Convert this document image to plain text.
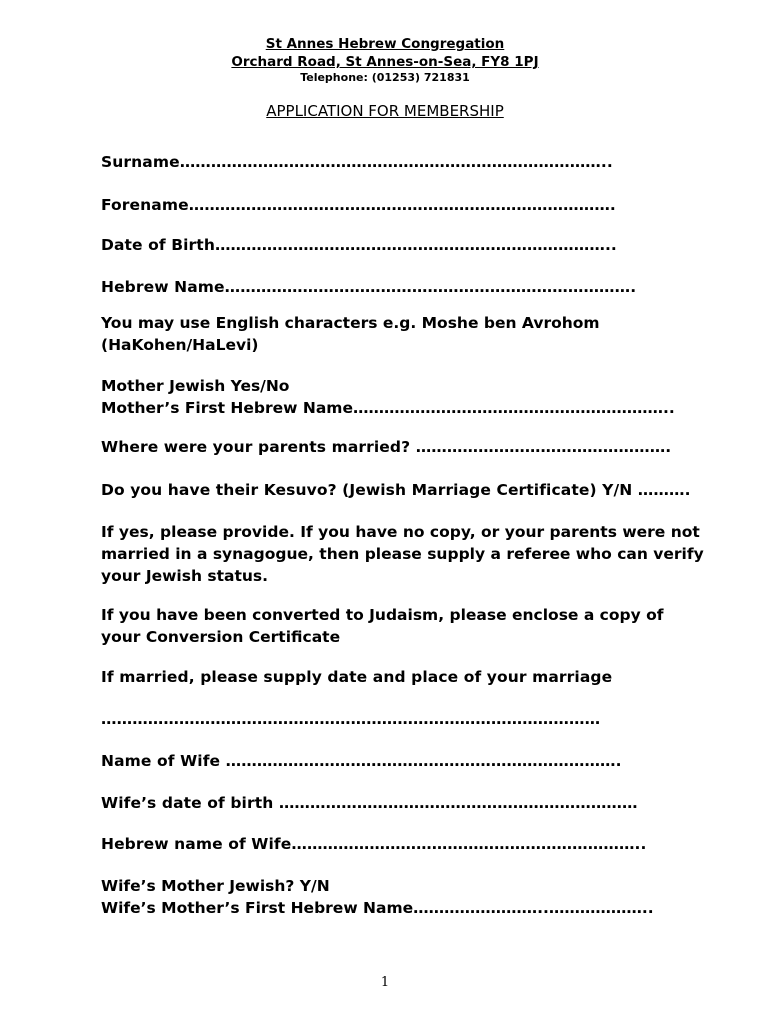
St Annes Hebrew Congregation

Orchard Road, St Annes-on-Sea, FY8 1PJ

Telephone: (01253) 721831

APPLICATION FOR MEMBERSHIP

Surname………………………………………………………………………..

Forename……………………………………………………………………….

Date of Birth…………………………………………………………………..

Hebrew Name…………………………………………………………………….

You may use English characters e.g. Moshe ben Avrohom
(HaKohen/HaLevi)
Mother Jewish Yes/No
Mother’s First Hebrew Name……………………………………………………..

Where were your parents married? ………………………………………….

Do you have their Kesuvo? (Jewish Marriage Certificate) Y/N ……….

If yes, please provide. If you have no copy, or your parents were not
married in a synagogue, then please supply a referee who can verify
your Jewish status.
If you have been converted to Judaism, please enclose a copy of
your Conversion Certificate

If married, please supply date and place of your marriage

……………………………………………………………………………………

Name of Wife ………………………………………………………………….

Wife’s date of birth ……………………………………………………………

Hebrew name of Wife…………………………………………………………..

Wife’s Mother Jewish? Y/N
Wife’s Mother’s First Hebrew Name……………………..………………..
1
